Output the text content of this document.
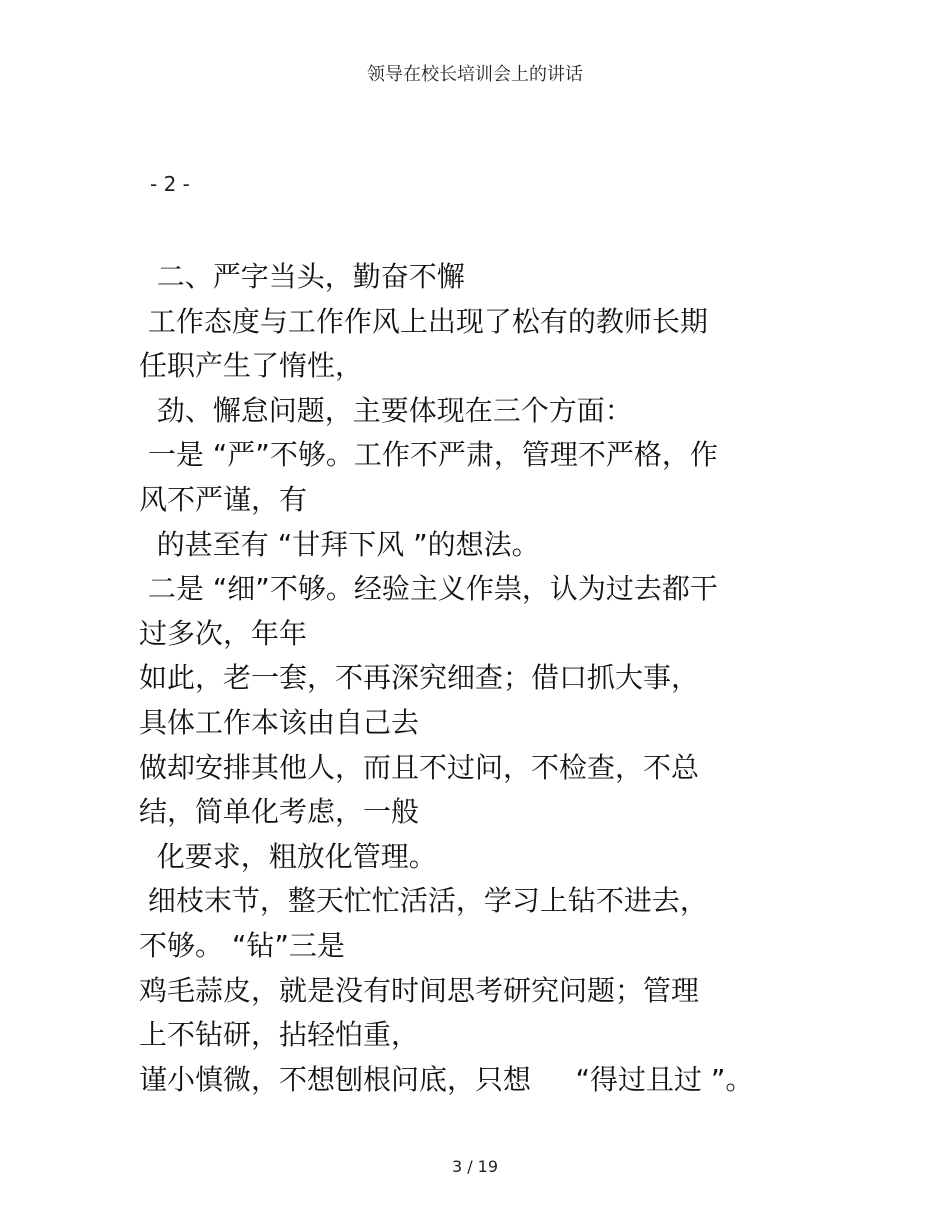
领导在校长培训会上的讲话
- 2 -
二、严字当头，勤奋不懈
工作态度与工作作风上出现了松有的教师长期
任职产生了惰性，
劲、懈怠问题，主要体现在三个方面：
一是 “严”不够。工作不严肃，管理不严格，作
风不严谨，有
的甚至有 “甘拜下风 ”的想法。
二是 “细”不够。经验主义作祟，认为过去都干
过多次，年年
如此，老一套，不再深究细查；借口抓大事，
具体工作本该由自己去
做却安排其他人，而且不过问，不检查，不总
结，简单化考虑，一般
化要求，粗放化管理。
细枝末节，整天忙忙活活，学习上钻不进去，
不够。 “钻”三是
鸡毛蒜皮，就是没有时间思考研究问题；管理
上不钻研，拈轻怕重，
谨小慎微，不想刨根问底，只想     “得过且过 ”。
3 / 19
